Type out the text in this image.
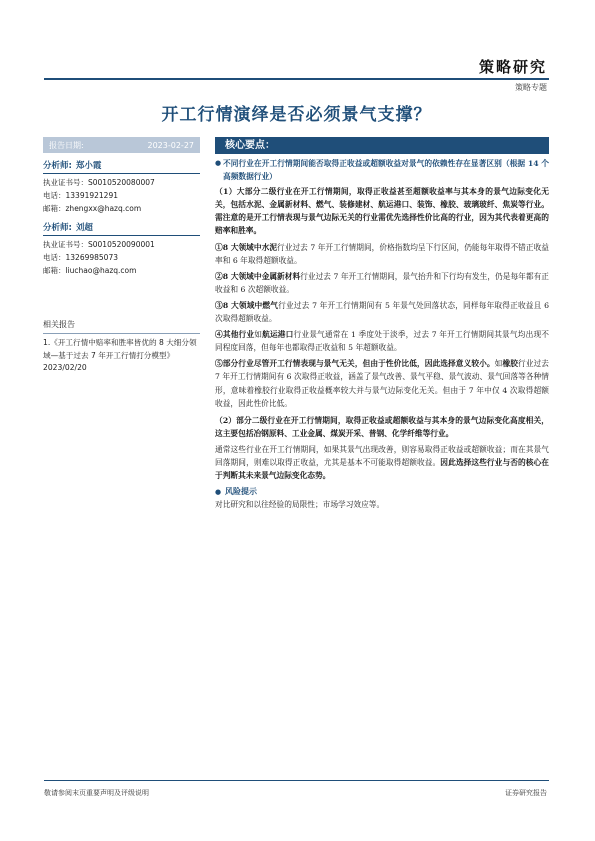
策略研究
策略专题
开工行情演绎是否必须景气支撑？
报告日期:	2023-02-27
分析师: 郑小霞
执业证书号：S0010520080007
电话：13391921291
邮箱：zhengxx@hazq.com
分析师: 刘超
执业证书号：S0010520090001
电话：13269985073
邮箱：liuchao@hazq.com
相关报告
1.《开工行情中赔率和胜率皆优的 8 大细分领域—基于过去 7 年开工行情打分模型》2023/02/20
核心要点：
● 不同行业在开工行情期间能否取得正收益或超额收益对景气的依赖性存在显著区别（根据 14 个高频数据行业）
（1）大部分二级行业在开工行情期间，取得正收益甚至超额收益率与其本身的景气边际变化无关，包括水泥、金属新材料、燃气、装修建材、航运港口、装饰、橡胶、玻璃玻纤、焦炭等行业。需注意的是开工行情表现与景气边际无关的行业需优先选择性价比高的行业，因为其代表着更高的赔率和胜率。
①8 大领域中水泥行业过去 7 年开工行情期间，价格指数均呈下行区间，仍能每年取得不错正收益率和 6 年取得超额收益。
②8 大领域中金属新材料行业过去 7 年开工行情期间，景气抬升和下行均有发生，仍是每年都有正收益和 6 次超额收益。
③8 大领域中燃气行业过去 7 年开工行情期间有 5 年景气处回落状态，同样每年取得正收益且 6 次取得超额收益。
④其他行业如航运港口行业景气通常在 1 季度处于淡季，过去 7 年开工行情期间其景气均出现不同程度回落，但每年也都取得正收益和 5 年超额收益。
⑤部分行业尽管开工行情表现与景气无关，但由于性价比低，因此选择意义较小。如橡胶行业过去 7 年开工行情期间有 6 次取得正收益，涵盖了景气改善、景气平稳、景气波动、景气回落等各种情形，意味着橡胶行业取得正收益概率较大并与景气边际变化无关。但由于 7 年中仅 4 次取得超额收益，因此性价比低。
（2）部分二级行业在开工行情期间，取得正收益或超额收益与其本身的景气边际变化高度相关，这主要包括冶钢原料、工业金属、煤炭开采、普钢、化学纤维等行业。
通常这些行业在开工行情期间，如果其景气出现改善，则容易取得正收益或超额收益；而在其景气回落期间，则难以取得正收益，尤其是基本不可能取得超额收益。因此选择这些行业与否的核心在于判断其未来景气边际变化态势。
● 风险提示
对比研究和以往经验的局限性；市场学习效应等。
敬请参阅末页重要声明及评级说明	证券研究报告
